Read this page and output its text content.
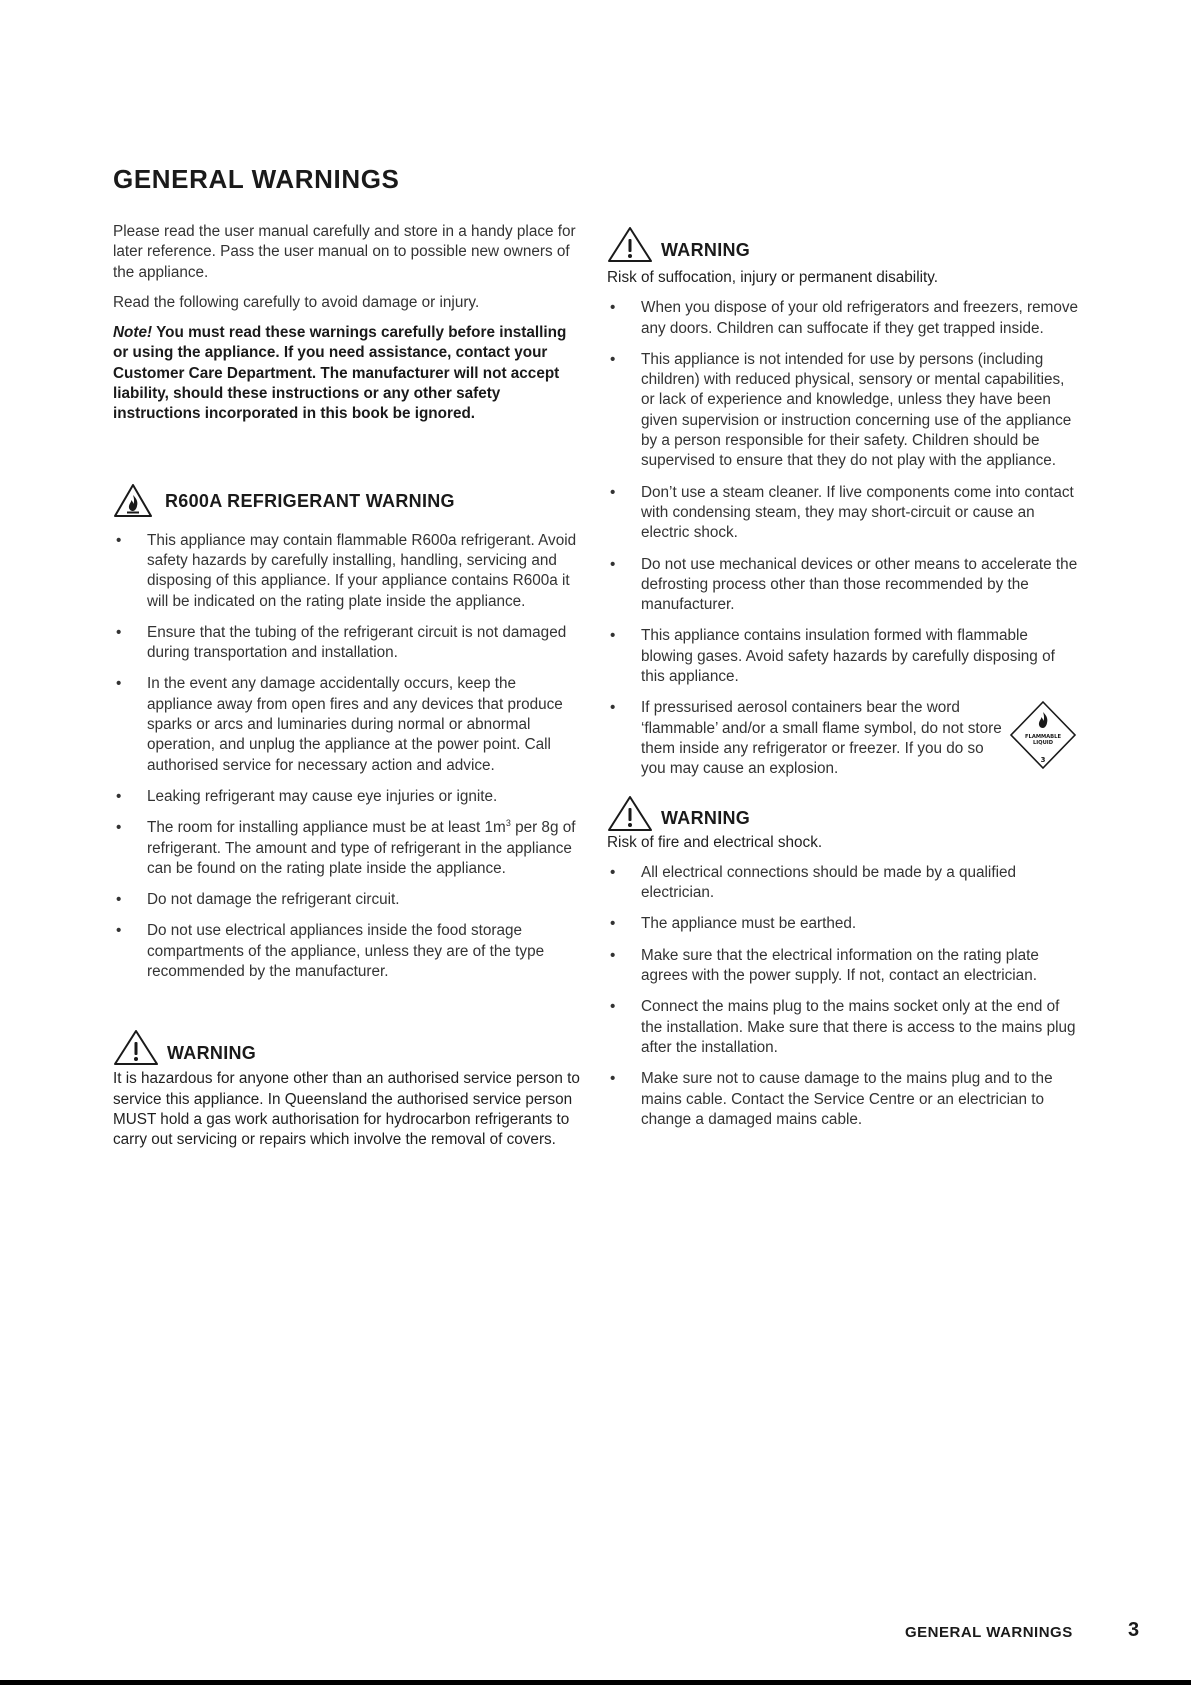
GENERAL WARNINGS

Please read the user manual carefully and store in a handy place for later reference. Pass the user manual on to possible new owners of the appliance.

Read the following carefully to avoid damage or injury.

Note! You must read these warnings carefully before installing or using the appliance. If you need assistance, contact your Customer Care Department. The manufacturer will not accept liability, should these instructions or any other safety instructions incorporated in this book be ignored.

R600A REFRIGERANT WARNING
• This appliance may contain flammable R600a refrigerant. Avoid safety hazards by carefully installing, handling, servicing and disposing of this appliance. If your appliance contains R600a it will be indicated on the rating plate inside the appliance.
• Ensure that the tubing of the refrigerant circuit is not damaged during transportation and installation.
• In the event any damage accidentally occurs, keep the appliance away from open fires and any devices that produce sparks or arcs and luminaries during normal or abnormal operation, and unplug the appliance at the power point. Call authorised service for necessary action and advice.
• Leaking refrigerant may cause eye injuries or ignite.
• The room for installing appliance must be at least $1m^3$ per 8g of refrigerant. The amount and type of refrigerant in the appliance can be found on the rating plate inside the appliance.
• Do not damage the refrigerant circuit.
• Do not use electrical appliances inside the food storage compartments of the appliance, unless they are of the type recommended by the manufacturer.
WARNING

It is hazardous for anyone other than an authorised service person to service this appliance. In Queensland the authorised service person MUST hold a gas work authorisation for hydrocarbon refrigerants to carry out servicing or repairs which involve the removal of covers.

WARNING

Risk of suffocation, injury or permanent disability.

• When you dispose of your old refrigerators and freezers, remove any doors. Children can suffocate if they get trapped inside.
• This appliance is not intended for use by persons (including children) with reduced physical, sensory or mental capabilities, or lack of experience and knowledge, unless they have been given supervision or instruction concerning use of the appliance by a person responsible for their safety. Children should be supervised to ensure that they do not play with the appliance.
• Don’t use a steam cleaner. If live components come into contact with condensing steam, they may short-circuit or cause an electric shock.
• Do not use mechanical devices or other means to accelerate the defrosting process other than those recommended by the manufacturer.
• This appliance contains insulation formed with flammable blowing gases. Avoid safety hazards by carefully disposing of this appliance.
• If pressurised aerosol containers bear the word ‘flammable’ and/or a small flame symbol, do not store them inside any refrigerator or freezer. If you do so you may cause an explosion.
FLAMMABLE
LIQUID
3
WARNING

Risk of fire and electrical shock.

• All electrical connections should be made by a qualified electrician.
• The appliance must be earthed.
• Make sure that the electrical information on the rating plate agrees with the power supply. If not, contact an electrician.
• Connect the mains plug to the mains socket only at the end of the installation. Make sure that there is access to the mains plug after the installation.
• Make sure not to cause damage to the mains plug and to the mains cable. Contact the Service Centre or an electrician to change a damaged mains cable.
GENERAL WARNINGS	3
